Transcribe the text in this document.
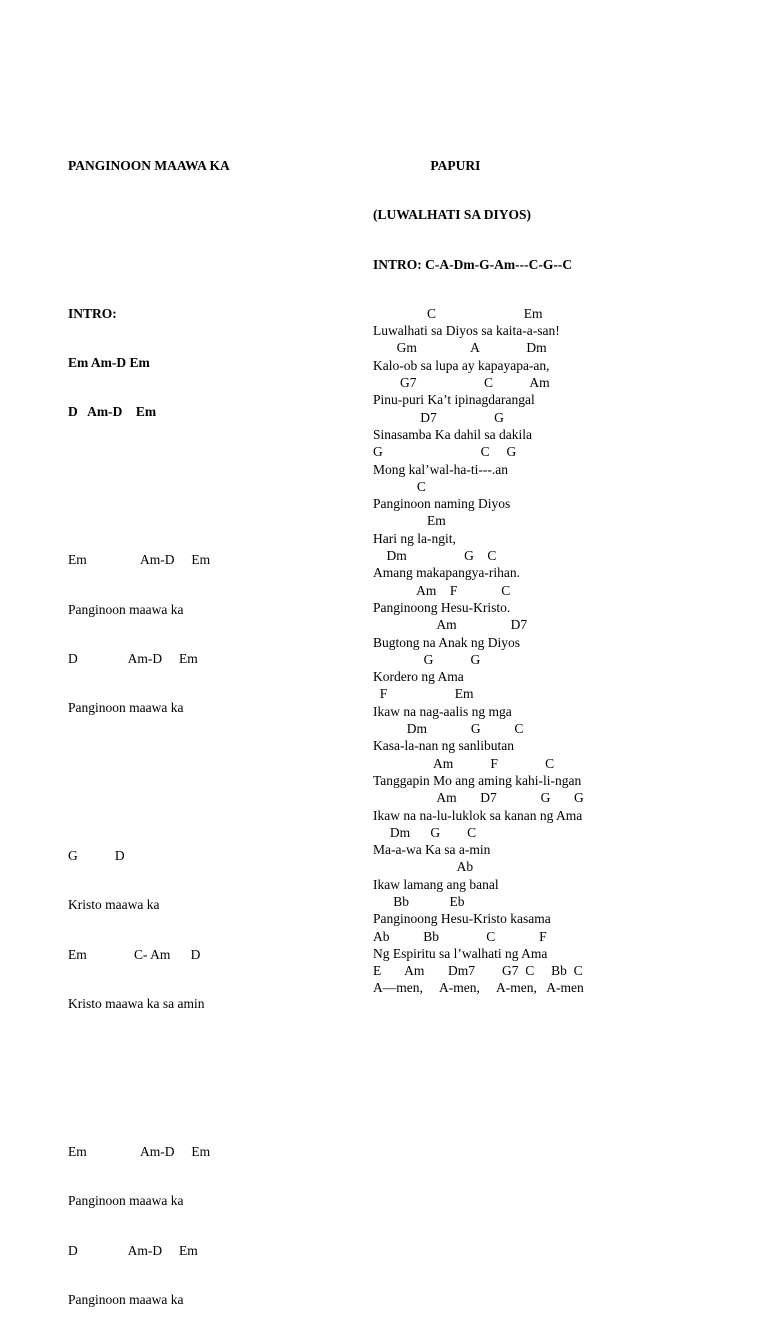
PANGINOON MAAWA KA

INTRO:

Em Am-D Em

D   Am-D    Em

Em                Am-D     Em

Panginoon maawa ka

D               Am-D     Em

Panginoon maawa ka

G           D

Kristo maawa ka

Em              C- Am      D

Kristo maawa ka sa amin

Em                Am-D     Em

Panginoon maawa ka

D               Am-D     Em

Panginoon maawa ka

PAPURI

(LUWALHATI SA DIYOS)

INTRO: C-A-Dm-G-Am---C-G--C

C                          Em
Luwalhati sa Diyos sa kaita-a-san!
Gm                A              Dm
Kalo-ob sa lupa ay kapayapa-an,
G7                    C           Am
Pinu-puri Ka’t ipinagdarangal
D7                 G
Sinasamba Ka dahil sa dakila
G                             C     G
Mong kal’wal-ha-ti---.an
C
Panginoon naming Diyos
Em
Hari ng la-ngit,
Dm                 G    C
Amang makapangya-rihan.
Am    F             C
Panginoong Hesu-Kristo.
Am                D7
Bugtong na Anak ng Diyos
G           G
Kordero ng Ama
F                    Em
Ikaw na nag-aalis ng mga
Dm             G          C
Kasa-la-nan ng sanlibutan
Am           F              C
Tanggapin Mo ang aming kahi-li-ngan
Am       D7             G       G
Ikaw na na-lu-luklok sa kanan ng Ama
Dm      G        C
Ma-a-wa Ka sa a-min
Ab
Ikaw lamang ang banal
Bb            Eb
Panginoong Hesu-Kristo kasama
Ab          Bb              C             F
Ng Espiritu sa l’walhati ng Ama
E       Am       Dm7        G7  C     Bb  C
A—men,     A-men,     A-men,   A-men
